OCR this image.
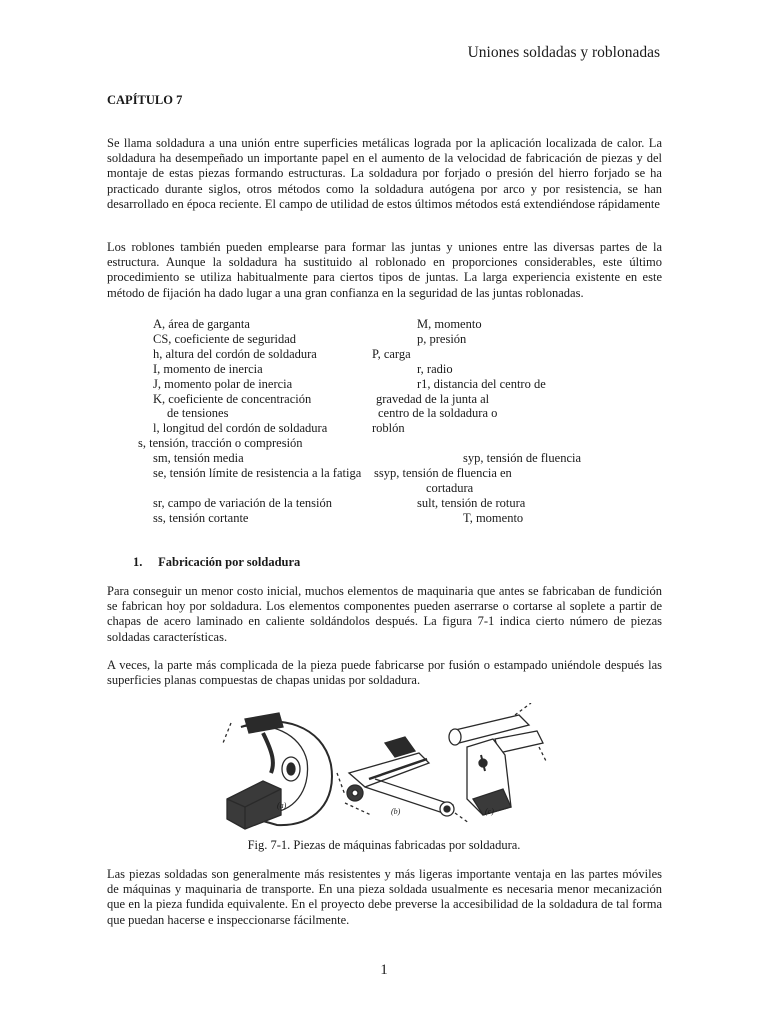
Uniones soldadas y roblonadas
CAPÍTULO 7
Se llama soldadura a una unión entre superficies metálicas lograda por la aplicación localizada de calor. La soldadura ha desempeñado un importante papel en el aumento de la velocidad de fabricación de piezas y del montaje de estas piezas formando estructuras. La soldadura por forjado o presión del hierro forjado se ha practicado durante siglos, otros métodos como la soldadura autógena por arco y por resistencia, se han desarrollado en época reciente. El campo de utilidad de estos últimos métodos está extendiéndose rápidamente
Los roblones también pueden emplearse para formar las juntas y uniones entre las diversas partes de la estructura. Aunque la soldadura ha sustituido al roblonado en proporciones considerables, este último procedimiento se utiliza habitualmente para ciertos tipos de juntas. La larga experiencia existente en este método de fijación ha dado lugar a una gran confianza en la seguridad de las juntas roblonadas.
A, área de garganta
CS, coeficiente de seguridad
h, altura del cordón de soldadura
I, momento de inercia
J, momento polar de inercia
K, coeficiente de concentración
de tensiones
l, longitud del cordón de soldadura
s, tensión, tracción o compresión
sm, tensión media
se, tensión límite de resistencia a la fatiga
sr, campo de variación de la tensión
ss, tensión cortante
M, momento
p, presión
P, carga
r, radio
r1, distancia del centro de
gravedad de la junta al
centro de la soldadura o
roblón
syp, tensión de fluencia
ssyp, tensión de fluencia en
cortadura
sult, tensión de rotura
T, momento
1. Fabricación por soldadura
Para conseguir un menor costo inicial, muchos elementos de maquinaria que antes se fabricaban de fundición se fabrican hoy por soldadura. Los elementos componentes pueden aserrarse o cortarse al soplete a partir de chapas de acero laminado en caliente soldándolos después. La figura 7-1 indica cierto número de piezas soldadas características.
A veces, la parte más complicada de la pieza puede fabricarse por fusión o estampado uniéndole después las superficies planas compuestas de chapas unidas por soldadura.
(a)
(b)	(c)
Fig. 7-1. Piezas de máquinas fabricadas por soldadura.
Las piezas soldadas son generalmente más resistentes y más ligeras importante ventaja en las partes móviles de máquinas y maquinaria de transporte. En una pieza soldada usualmente es necesaria menor mecanización que en la pieza fundida equivalente. En el proyecto debe preverse la accesibilidad de la soldadura de tal forma que puedan hacerse e inspeccionarse fácilmente.
1
